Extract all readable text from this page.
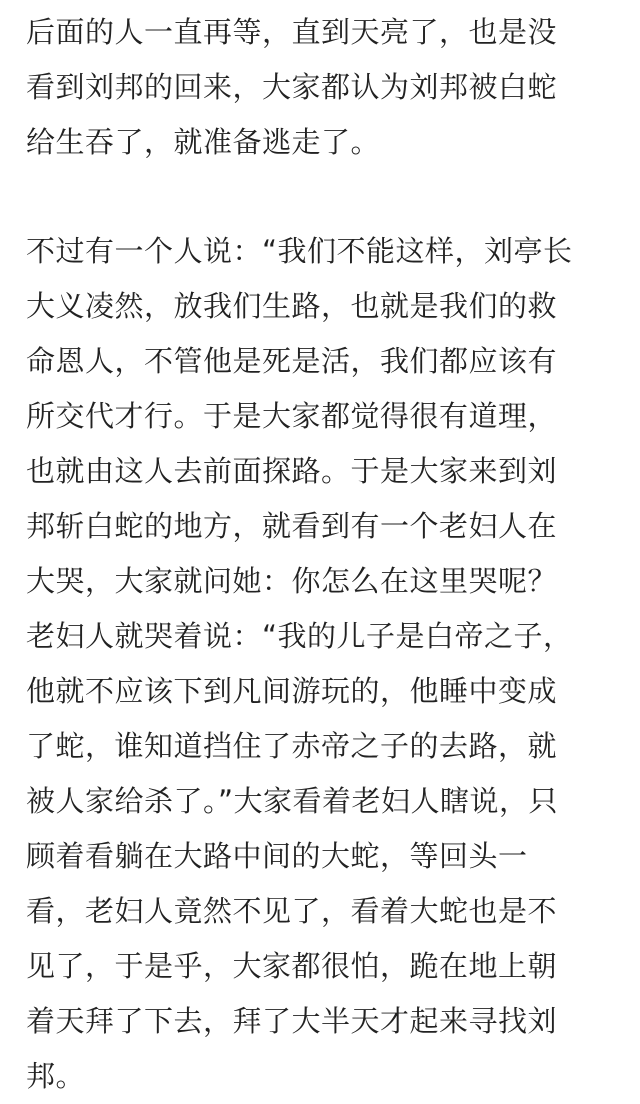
后面的人一直再等，直到天亮了，也是没
看到刘邦的回来，大家都认为刘邦被白蛇
给生吞了，就准备逃走了。
不过有一个人说：“我们不能这样，刘亭长
大义凌然，放我们生路，也就是我们的救
命恩人，不管他是死是活，我们都应该有
所交代才行。于是大家都觉得很有道理，
也就由这人去前面探路。于是大家来到刘
邦斩白蛇的地方，就看到有一个老妇人在
大哭，大家就问她：你怎么在这里哭呢？
老妇人就哭着说：“我的儿子是白帝之子，
他就不应该下到凡间游玩的，他睡中变成
了蛇，谁知道挡住了赤帝之子的去路，就
被人家给杀了。”大家看着老妇人瞎说，只
顾着看躺在大路中间的大蛇，等回头一
看，老妇人竟然不见了，看着大蛇也是不
见了，于是乎，大家都很怕，跪在地上朝
着天拜了下去，拜了大半天才起来寻找刘
邦。
